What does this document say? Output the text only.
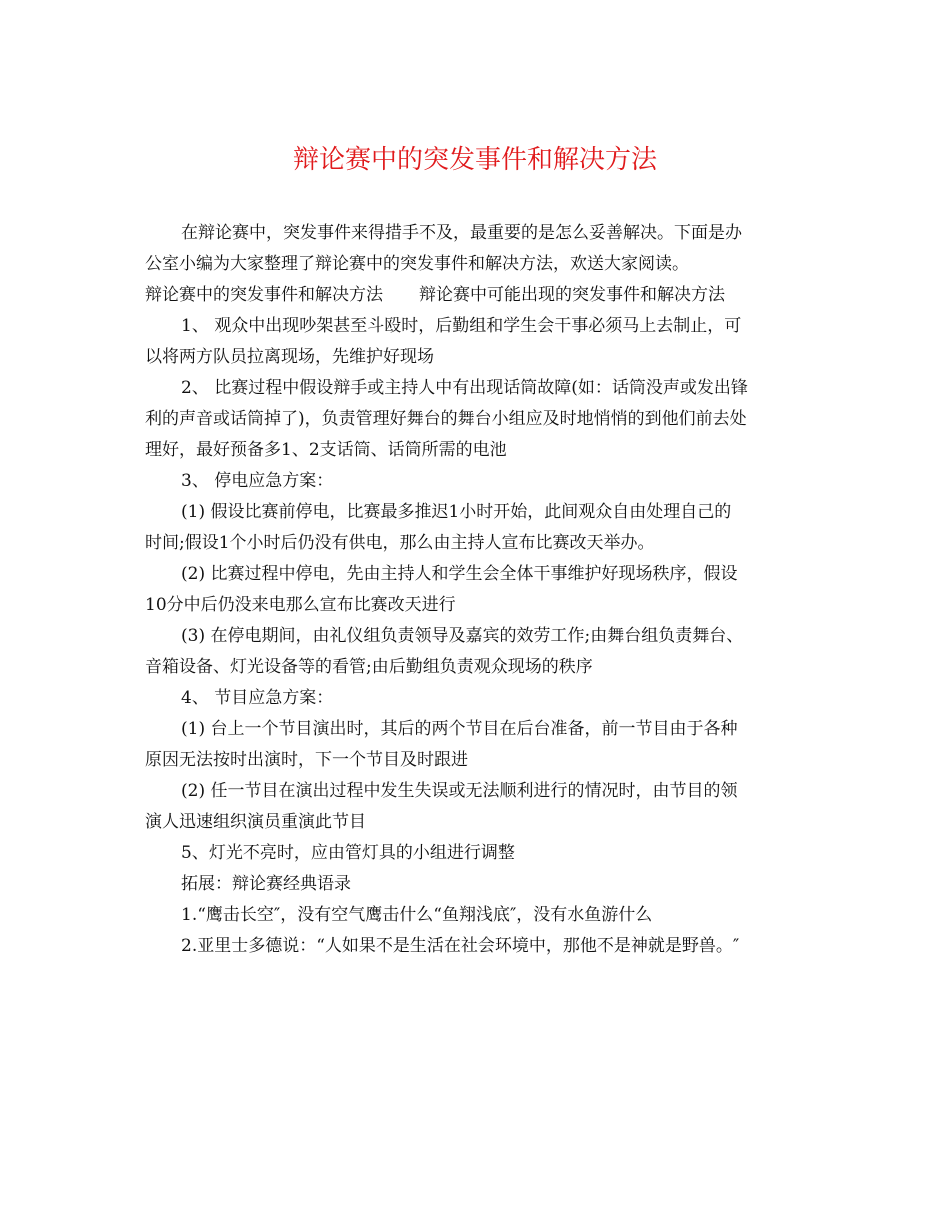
辩论赛中的突发事件和解决方法
在辩论赛中，突发事件来得措手不及，最重要的是怎么妥善解决。下面是办
公室小编为大家整理了辩论赛中的突发事件和解决方法，欢送大家阅读。
辩论赛中的突发事件和解决方法 辩论赛中可能出现的突发事件和解决方法
1、 观众中出现吵架甚至斗殴时，后勤组和学生会干事必须马上去制止，可
以将两方队员拉离现场，先维护好现场
2、 比赛过程中假设辩手或主持人中有出现话筒故障(如：话筒没声或发出锋
利的声音或话筒掉了)，负责管理好舞台的舞台小组应及时地悄悄的到他们前去处
理好，最好预备多1、2支话筒、话筒所需的电池
3、 停电应急方案：
(1) 假设比赛前停电，比赛最多推迟1小时开始，此间观众自由处理自己的
时间;假设1个小时后仍没有供电，那么由主持人宣布比赛改天举办。
(2) 比赛过程中停电，先由主持人和学生会全体干事维护好现场秩序，假设
10分中后仍没来电那么宣布比赛改天进行
(3) 在停电期间，由礼仪组负责领导及嘉宾的效劳工作;由舞台组负责舞台、
音箱设备、灯光设备等的看管;由后勤组负责观众现场的秩序
4、 节目应急方案：
(1) 台上一个节目演出时，其后的两个节目在后台准备，前一节目由于各种
原因无法按时出演时，下一个节目及时跟进
(2) 任一节目在演出过程中发生失误或无法顺利进行的情况时，由节目的领
演人迅速组织演员重演此节目
5、灯光不亮时，应由管灯具的小组进行调整
拓展：辩论赛经典语录
1.“鹰击长空″，没有空气鹰击什么“鱼翔浅底″，没有水鱼游什么
2.亚里士多德说：“人如果不是生活在社会环境中，那他不是神就是野兽。″
